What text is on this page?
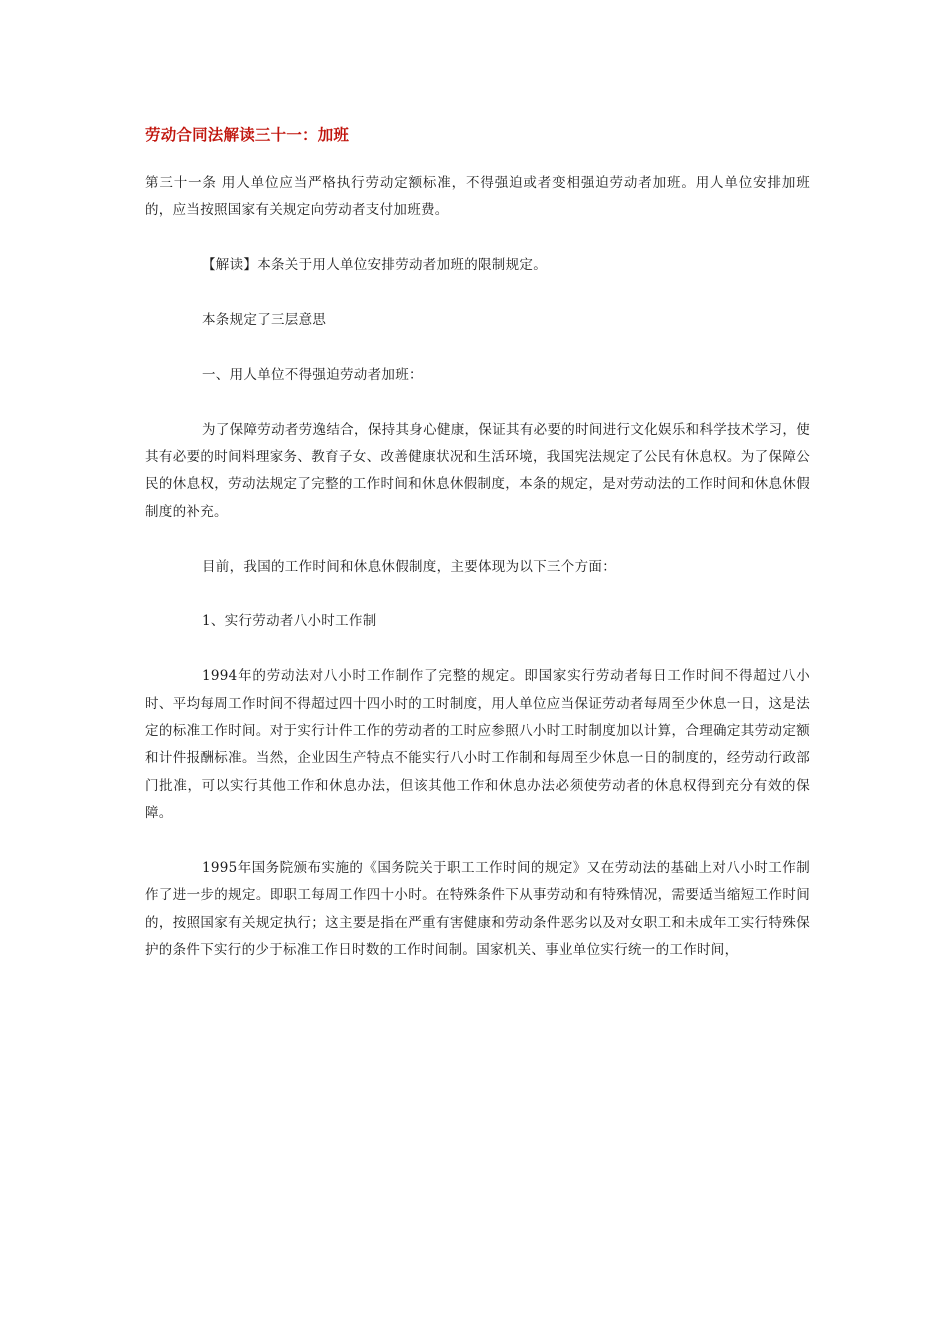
劳动合同法解读三十一：加班

第三十一条 用人单位应当严格执行劳动定额标准，不得强迫或者变相强迫劳动者加班。用人单位安排加班的，应当按照国家有关规定向劳动者支付加班费。

【解读】本条关于用人单位安排劳动者加班的限制规定。

本条规定了三层意思

一、用人单位不得强迫劳动者加班：

为了保障劳动者劳逸结合，保持其身心健康，保证其有必要的时间进行文化娱乐和科学技术学习，使其有必要的时间料理家务、教育子女、改善健康状况和生活环境，我国宪法规定了公民有休息权。为了保障公民的休息权，劳动法规定了完整的工作时间和休息休假制度，本条的规定，是对劳动法的工作时间和休息休假制度的补充。

目前，我国的工作时间和休息休假制度，主要体现为以下三个方面：

1、实行劳动者八小时工作制

1994年的劳动法对八小时工作制作了完整的规定。即国家实行劳动者每日工作时间不得超过八小时、平均每周工作时间不得超过四十四小时的工时制度，用人单位应当保证劳动者每周至少休息一日，这是法定的标准工作时间。对于实行计件工作的劳动者的工时应参照八小时工时制度加以计算，合理确定其劳动定额和计件报酬标准。当然，企业因生产特点不能实行八小时工作制和每周至少休息一日的制度的，经劳动行政部门批准，可以实行其他工作和休息办法，但该其他工作和休息办法必须使劳动者的休息权得到充分有效的保障。

1995年国务院颁布实施的《国务院关于职工工作时间的规定》又在劳动法的基础上对八小时工作制作了进一步的规定。即职工每周工作四十小时。在特殊条件下从事劳动和有特殊情况，需要适当缩短工作时间的，按照国家有关规定执行；这主要是指在严重有害健康和劳动条件恶劣以及对女职工和未成年工实行特殊保护的条件下实行的少于标准工作日时数的工作时间制。国家机关、事业单位实行统一的工作时间，
